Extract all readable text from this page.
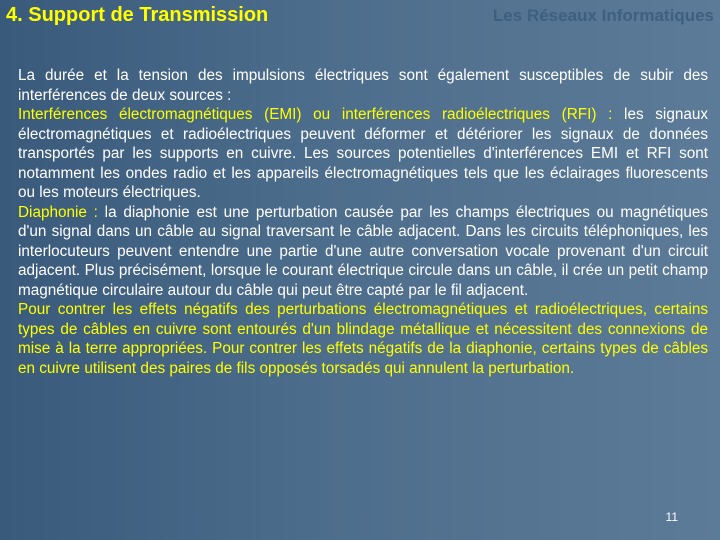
4. Support de Transmission	Les Réseaux Informatiques

La durée et la tension des impulsions électriques sont également susceptibles de subir des interférences de deux sources :

Interférences électromagnétiques (EMI) ou interférences radioélectriques (RFI) : les signaux électromagnétiques et radioélectriques peuvent déformer et détériorer les signaux de données transportés par les supports en cuivre. Les sources potentielles d'interférences EMI et RFI sont notamment les ondes radio et les appareils électromagnétiques tels que les éclairages fluorescents ou les moteurs électriques.

Diaphonie : la diaphonie est une perturbation causée par les champs électriques ou magnétiques d'un signal dans un câble au signal traversant le câble adjacent. Dans les circuits téléphoniques, les interlocuteurs peuvent entendre une partie d'une autre conversation vocale provenant d'un circuit adjacent. Plus précisément, lorsque le courant électrique circule dans un câble, il crée un petit champ magnétique circulaire autour du câble qui peut être capté par le fil adjacent.

Pour contrer les effets négatifs des perturbations électromagnétiques et radioélectriques, certains types de câbles en cuivre sont entourés d'un blindage métallique et nécessitent des connexions de mise à la terre appropriées. Pour contrer les effets négatifs de la diaphonie, certains types de câbles en cuivre utilisent des paires de fils opposés torsadés qui annulent la perturbation.

11
